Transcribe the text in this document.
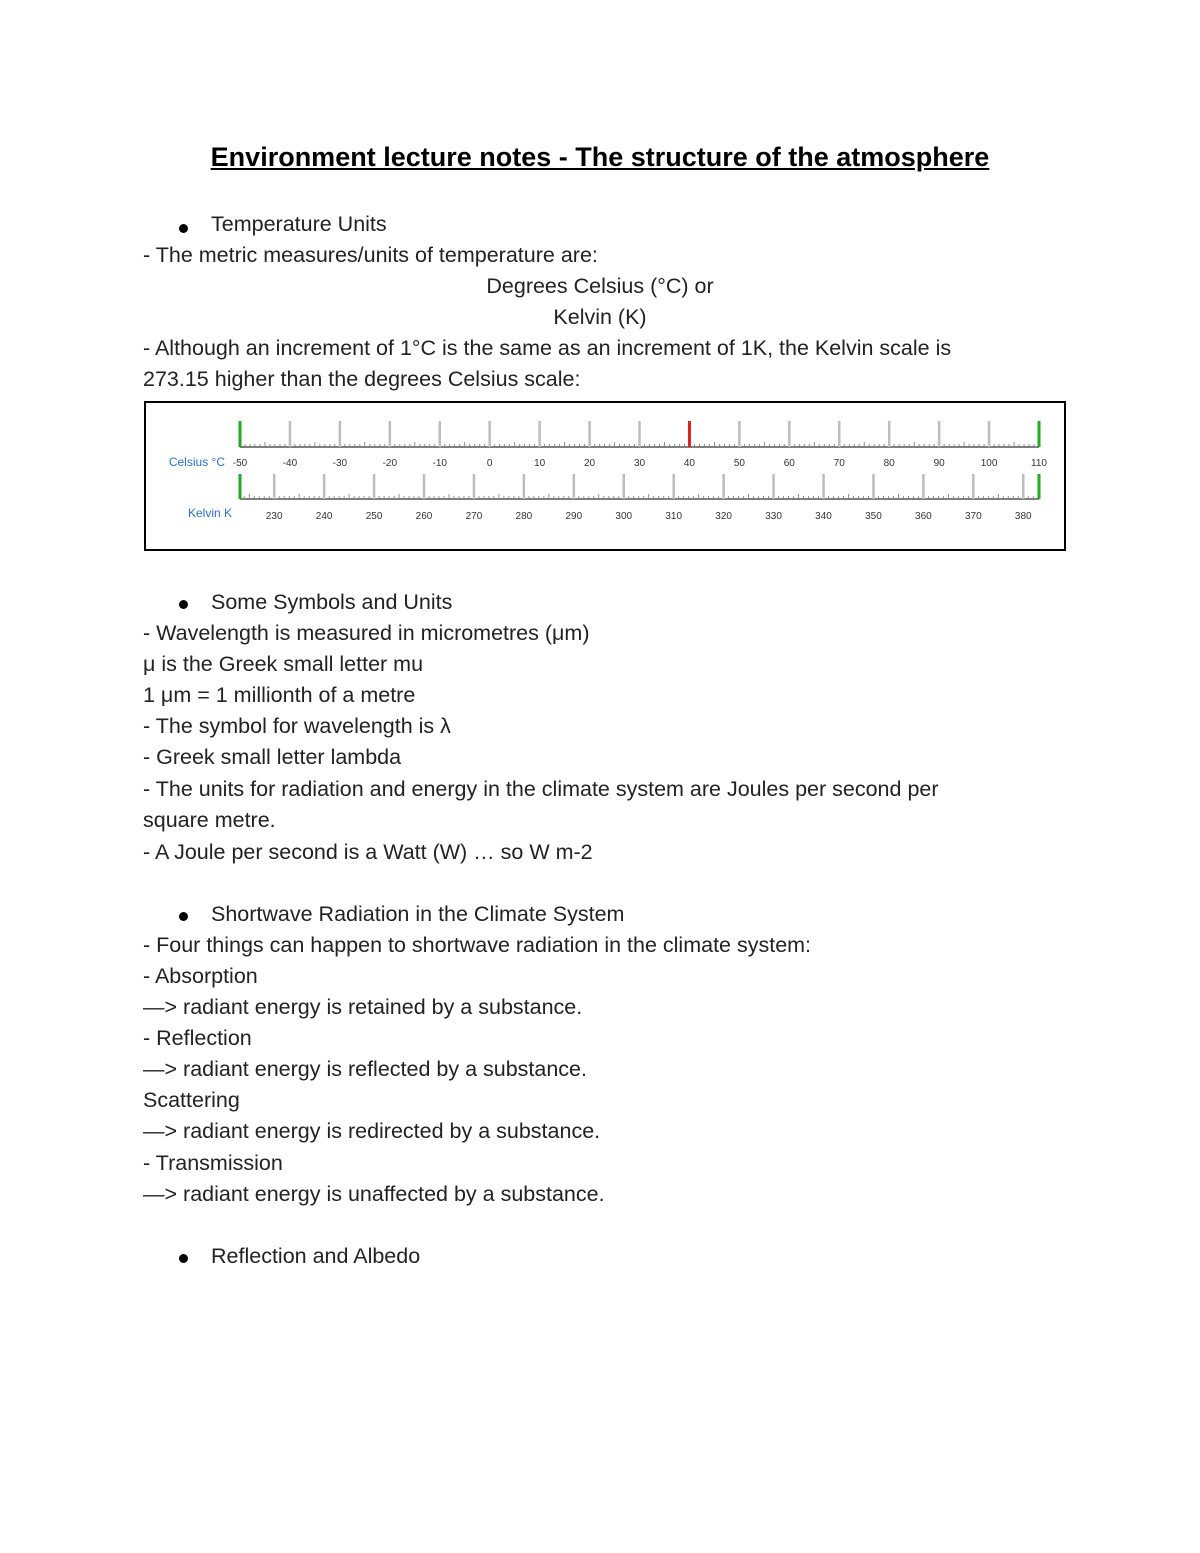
Environment lecture notes - The structure of the atmosphere
Temperature Units
- The metric measures/units of temperature are:
Degrees Celsius (°C) or
Kelvin (K)
- Although an increment of 1°C is the same as an increment of 1K, the Kelvin scale is
273.15 higher than the degrees Celsius scale:
-50	-40	-30	-20	-10	0	10	20	30	40	50	60	70	80	90	100	110
Celsius °C
230	240	250	260	270	280	290	300	310	320	330	340	350	360	370	380
Kelvin K
Some Symbols and Units
- Wavelength is measured in micrometres (μm)
μ is the Greek small letter mu
1 μm = 1 millionth of a metre
- The symbol for wavelength is λ
- Greek small letter lambda
- The units for radiation and energy in the climate system are Joules per second per
square metre.
- A Joule per second is a Watt (W) … so W m-2
Shortwave Radiation in the Climate System
- Four things can happen to shortwave radiation in the climate system:
- Absorption
—> radiant energy is retained by a substance.
- Reflection
—> radiant energy is reflected by a substance.
Scattering
—> radiant energy is redirected by a substance.
- Transmission
—> radiant energy is unaffected by a substance.
Reflection and Albedo
